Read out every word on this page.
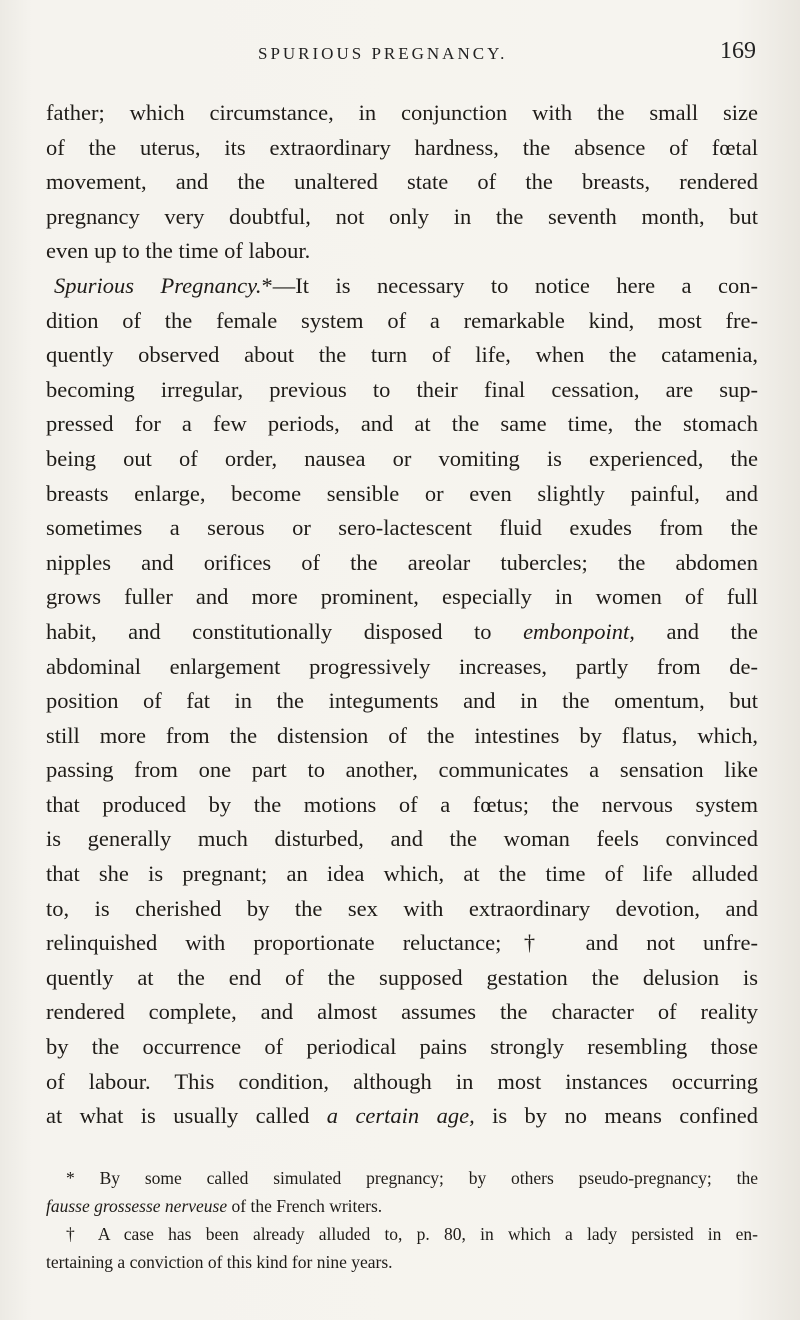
SPURIOUS PREGNANCY.	169
father; which circumstance, in conjunction with the small size
of the uterus, its extraordinary hardness, the absence of fœtal
movement, and the unaltered state of the breasts, rendered
pregnancy very doubtful, not only in the seventh month, but
even up to the time of labour.
Spurious Pregnancy.*—It is necessary to notice here a con-
dition of the female system of a remarkable kind, most fre-
quently observed about the turn of life, when the catamenia,
becoming irregular, previous to their final cessation, are sup-
pressed for a few periods, and at the same time, the stomach
being out of order, nausea or vomiting is experienced, the
breasts enlarge, become sensible or even slightly painful, and
sometimes a serous or sero-lactescent fluid exudes from the
nipples and orifices of the areolar tubercles; the abdomen
grows fuller and more prominent, especially in women of full
habit, and constitutionally disposed to embonpoint, and the
abdominal enlargement progressively increases, partly from de-
position of fat in the integuments and in the omentum, but
still more from the distension of the intestines by flatus, which,
passing from one part to another, communicates a sensation like
that produced by the motions of a fœtus; the nervous system
is generally much disturbed, and the woman feels convinced
that she is pregnant; an idea which, at the time of life alluded
to, is cherished by the sex with extraordinary devotion, and
relinquished with proportionate reluctance;† and not unfre-
quently at the end of the supposed gestation the delusion is
rendered complete, and almost assumes the character of reality
by the occurrence of periodical pains strongly resembling those
of labour. This condition, although in most instances occurring
at what is usually called a certain age, is by no means confined
* By some called simulated pregnancy; by others pseudo-pregnancy; the
fausse grossesse nerveuse of the French writers.
† A case has been already alluded to, p. 80, in which a lady persisted in en-
tertaining a conviction of this kind for nine years.
